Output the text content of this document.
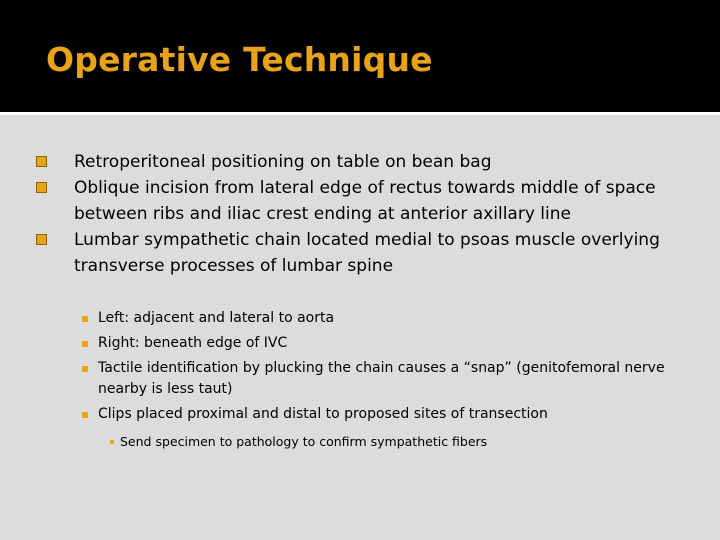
Operative Technique
Retroperitoneal positioning on table on bean bag
Oblique incision from lateral edge of rectus towards middle of space between ribs and iliac crest ending at anterior axillary line
Lumbar sympathetic chain located medial to psoas muscle overlying transverse processes of lumbar spine
Left: adjacent and lateral to aorta
Right: beneath edge of IVC
Tactile identification by plucking the chain causes a “snap” (genitofemoral nerve nearby is less taut)
Clips placed proximal and distal to proposed sites of transection
Send specimen to pathology to confirm sympathetic fibers
